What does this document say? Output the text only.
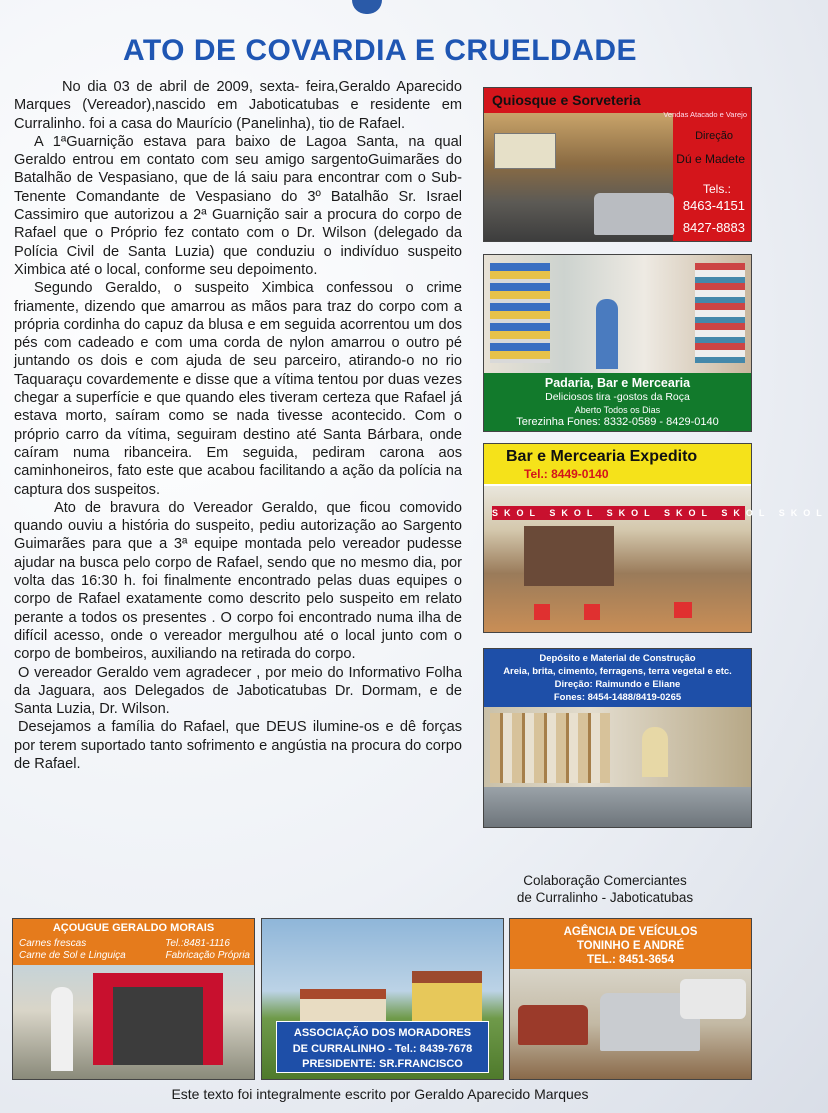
ATO DE COVARDIA E CRUELDADE

No dia 03 de abril de 2009, sexta- feira,Geraldo Aparecido Marques (Vereador),nascido em Jaboticatubas e residente em Curralinho. foi a casa do Maurício (Panelinha), tio de Rafael.

A 1ªGuarnição estava para baixo de Lagoa Santa, na qual Geraldo entrou em contato com seu amigo sargentoGuimarães do Batalhão de Vespasiano, que de lá saiu para encontrar com o Sub-Tenente Comandante de Vespasiano do 3º Batalhão Sr. Israel Cassimiro que autorizou a 2ª Guarnição sair a procura do corpo de Rafael que o Próprio fez contato com o Dr. Wilson (delegado da Polícia Civil de Santa Luzia) que conduziu o indivíduo suspeito Ximbica até o local, conforme seu depoimento.

Segundo Geraldo, o suspeito Ximbica confessou o crime friamente, dizendo que amarrou as mãos para traz do corpo com a própria cordinha do capuz da blusa e em seguida acorrentou um dos pés com cadeado e com uma corda de nylon amarrou o outro pé juntando os dois e com ajuda de seu parceiro, atirando-o no rio Taquaraçu covardemente e disse que a vítima tentou por duas vezes chegar a superfície e que quando eles tiveram certeza que Rafael já estava morto, saíram como se nada tivesse acontecido. Com o próprio carro da vítima, seguiram destino até Santa Bárbara, onde caíram numa ribanceira. Em seguida, pediram carona aos caminhoneiros, fato este que acabou facilitando a ação da polícia na captura dos suspeitos.

Ato de bravura do Vereador Geraldo, que ficou comovido quando ouviu a história do suspeito, pediu autorização ao Sargento Guimarães para que a 3ª equipe montada pelo vereador pudesse ajudar na busca pelo corpo de Rafael, sendo que no mesmo dia, por volta das 16:30 h. foi finalmente encontrado pelas duas equipes o corpo de Rafael exatamente como descrito pelo suspeito em relato perante a todos os presentes . O corpo foi encontrado numa ilha de difícil acesso, onde o vereador mergulhou até o local junto com o corpo de bombeiros, auxiliando na retirada do corpo.

O vereador Geraldo vem agradecer , por meio do Informativo Folha da Jaguara, aos Delegados de Jaboticatubas Dr. Dormam, e de Santa Luzia, Dr. Wilson.

Desejamos a família do Rafael, que DEUS ilumine-os e dê forças por terem suportado tanto sofrimento e angústia na procura do corpo de Rafael.

Quiosque e Sorveteria
Vendas Atacado e Varejo
Direção
Dú e Madete
Tels.:
8463-4151
8427-8883
Padaria, Bar e Mercearia
Deliciosos tira -gostos da Roça
Aberto Todos os Dias
Terezinha Fones: 8332-0589 - 8429-0140
Bar e Mercearia Expedito
Tel.: 8449-0140
SKOL SKOL SKOL SKOL SKOL SKOL
Depósito e Material de Construção
Areia, brita, cimento, ferragens, terra vegetal e etc.
Direção: Raimundo e Eliane
Fones: 8454-1488/8419-0265
Colaboração Comerciantes
de Curralinho - Jaboticatubas
AÇOUGUE GERALDO MORAIS
Carnes frescas	Tel.:8481-1116
Carne de Sol e Linguiça	Fabricação Própria
ASSOCIAÇÃO DOS MORADORES
DE CURRALINHO - Tel.: 8439-7678
PRESIDENTE: SR.FRANCISCO
AGÊNCIA DE VEÍCULOS
TONINHO E ANDRÉ
TEL.: 8451-3654
Este texto foi integralmente escrito por Geraldo Aparecido Marques
